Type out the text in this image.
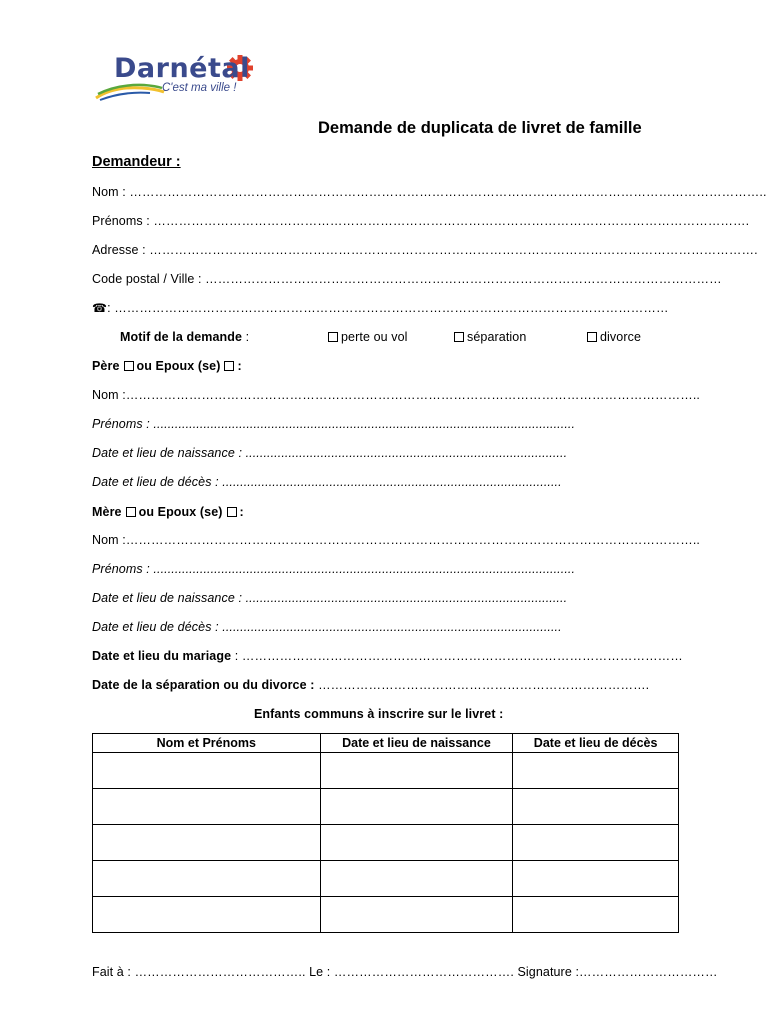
Darnétal
C'est ma ville !
Demande de duplicata de livret de famille
Demandeur :
Nom : ……………………………………………………………………………………………………………………………………..
Prénoms : …………………………………………………………………………………………………………………………….
Adresse : ……………………………………………………………………………………………………………………………….
Code postal / Ville : ……………………………………………………………………………………………………………
☎: ……………………………………………………………………………………………………………………
Motif de la demande :	perte ou vol	séparation	divorce
Père ou Epoux (se) :
Nom :………………………………………………………………………………………………………………………..
Prénoms : ......................................................................................................................
Date et lieu de naissance : ..........................................................................................
Date et lieu de décès : ...............................................................................................
Mère ou Epoux (se) :
Nom :………………………………………………………………………………………………………………………..
Prénoms : ......................................................................................................................
Date et lieu de naissance : ..........................................................................................
Date et lieu de décès : ...............................................................................................
Date et lieu du mariage : ……………………………………………………………………………………………
Date de la séparation ou du divorce : …………………………………………………………………….
Enfants communs à inscrire sur le livret :
Nom et Prénoms	Date et lieu de naissance	Date et lieu de décès

Fait à : ………………………………….. Le : ……………………………………. Signature :……………………………
